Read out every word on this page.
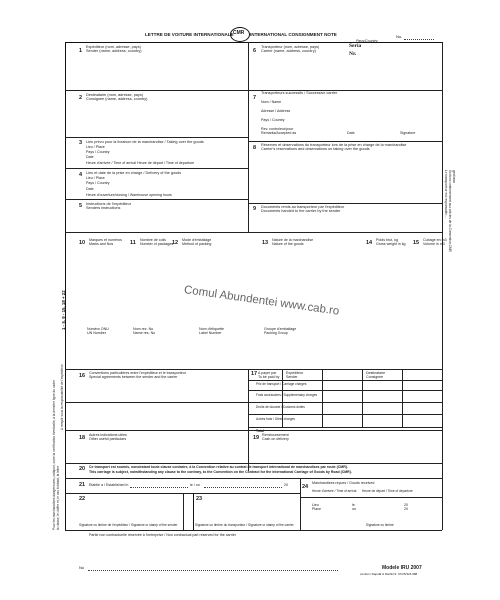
LETTRE DE VOITURE INTERNATIONALE CMR INTERNATIONAL CONSIGNMENT NOTE
Pays/Country
No.
1
Expéditeur (nom, adresse, pays)
Sender (name, address, country)
2 Destinataire (nom, adresse, pays)
Consignee (name, address, country)
3 Lieu prévu pour la livraison de la marchandise / Taking over the goods
Lieu / Place
Pays / Country
Date
Heure d'arrivée / Time of arrival Heure de départ / Time of departure
4 Lieu et date de la prise en charge / Delivery of the goods
Lieu / Place
Pays / Country
Date
Heure d'ouverture/closing / Warehouse opening hours
5 Instructions de l'expéditeur
Senders instructions
6
Transporteur (nom, adresse, pays)
Carrier (name, address, country)
Seria
Nr.
7
Transporteurs successifs / Successive carrier
Nom / Name
Adresse / Address
Pays / Country
Rev. controleur/pour
Remarks/Accepted as	Date	Signature
8 Réserves et observations du transporteur lors de la prise en charge de la marchandise
Carrier's reservations and observations on taking over the goods
9 Documents remis au transporteur par l'expéditeur
Documents handed to the carrier by the sender
10 Marques et numéros
Marks and Nos	11 Nombre de colis
Number of packages
12 Mode d'emballage
Method of packing	13 Nature de la marchandise
Nature of the goods	14 Poids brut, kg
Gross weight in kg 15 Cubage en m3
Volume in m3
Comul Abundentei www.cab.ro
Numéro ONU
UN Number
Nom rez. No
Name res. No
Nom d'étiquette
Label Number
Groupe d'emballage
Packing Group
16 Conventions particulières entre l'expéditeur et le transporteur
Special agreements between the sender and the carrier	17 A payer par
To be paid by
Expéditeur
Sender
Destinataire
Consignee
Prix de transport / Carriage charges
Frais accessoires / Supplementary charges
Droits de douane / Customs duties
Autres frais / Other charges
Total
18 Autres indications utiles
Other useful particulars	19 Remboursement
Cash on delivery
20 Ce transport est soumis, nonobstant toute clause contraire, à la Convention relative au contrat de transport international de marchandises par route (CMR).
This carriage is subject, notwithstanding any clause to the contrary, to the Convention on the Contract for the international Carriage of Goods by Road (CMR).
21 Etablie a / Established in	le / on	20
22	23
Signature ou timbre de l'expéditeur / Signature or stamp of the sender	Signature ou timbre du transporteur / Signature or stamp of the carrier
24
Marchandises reçues / Goods received
Heure d'arrivée / Time of arrival Heure de départ / Time of departure
Lieu
Place
le
on
20
20
Signature ou timbre
Partie non contractuelle réservée à l'entreprise / Non contractual part reserved for the carrier
No	Modele IRU 2007
conform Rapidă & Marfă Nr. 07/25/326 988
Pour les marchandises dangereuses, indiquer, outre la certification éventuelle, à la dernière ligne du cadre la classe, le chiffre et, le cas échéant, la lettre
A remplir sous la responsabilité de l'expéditeur
1 - 5, 9 - 15, 18 + 22
Le transporteur est responsable... Section conformément aux articles de la Convention CMR gestionar
